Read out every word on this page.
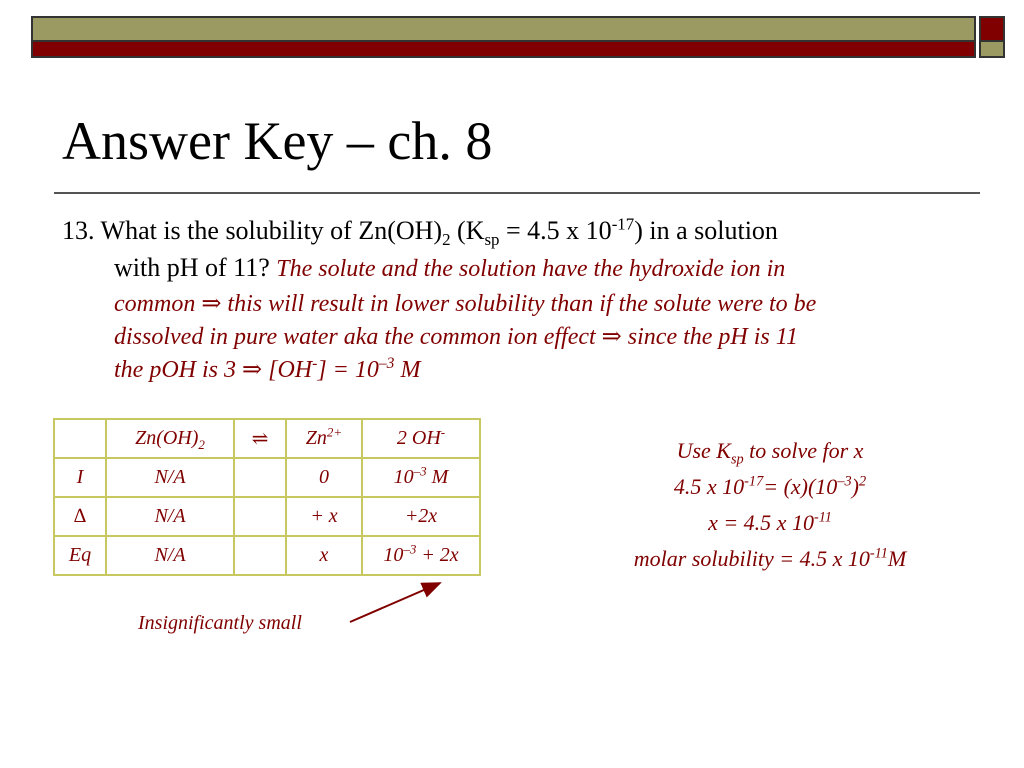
Answer Key – ch. 8
13. What is the solubility of $Zn(OH)_2$ ($K_{sp} = 4.5$ x $10^{-17}$) in a solution
with pH of 11? The solute and the solution have the hydroxide ion in
common ⇒ this will result in lower solubility than if the solute were to be
dissolved in pure water aka the common ion effect ⇒ since the pH is 11
the pOH is 3 ⇒ $[OH^-] = 10^{-3}$ M
	$Zn(OH)_2$	⇌	$Zn^{2+}$	2 OH-
I	N/A		0	$10^{-3}$ M
∆	N/A		+ x	+2x
Eq	N/A		x	$10^{-3} + 2x$
Insignificantly small
Use $K_{sp}$ to solve for x
4.5 x $10^{-17}= (x)(10^{-3})^2$
x = 4.5 x $10^{-11}$
molar solubility = 4.5 x $10^{-11}M$
